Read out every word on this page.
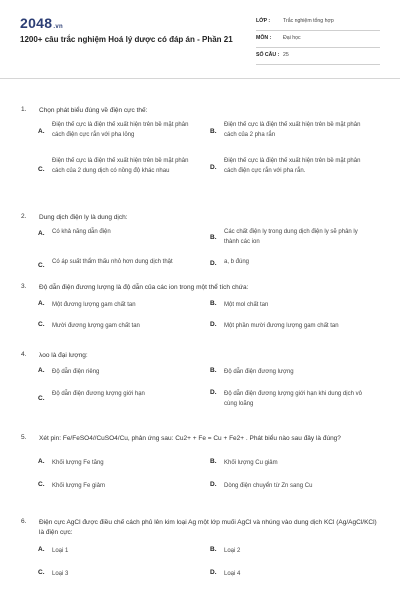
2048.vn
1200+ câu trắc nghiệm Hoá lý dược có đáp án - Phần 21
LỚP : Trắc nghiệm tổng hợp
MÔN : Đại học
SỐ CÂU : 25
1. Chọn phát biểu đúng về điện cực thế:
A.
Điện thế cực là điện thế xuất hiện trên bề mặt phân cách điện cực rắn với pha lỏng	B.
Điện thế cực là điện thế xuất hiện trên bề mặt phân cách của 2 pha rắn
C.
Điện thế cực là điện thế xuất hiện trên bề mặt phân cách của 2 dung dịch có nồng độ khác nhau	D.
Điện thế cực là điện thế xuất hiện trên bề mặt phân cách điện cực rắn với pha rắn.
2. Dung dịch điện ly là dung dịch:
A. Có khả năng dẫn điện
B.
Các chất điện ly trong dung dịch điện ly sẽ phân ly thành các ion
C. Có áp suất thẩm thấu nhỏ hơn dung dịch thật	D. a, b đúng
3. Độ dẫn điện đương lượng là độ dẫn của các ion trong một thể tích chứa:
A. Một đương lượng gam chất tan	B. Một mol chất tan
C. Mười đương lượng gam chất tan	D. Một phần mười đương lượng gam chất tan
4. λoo là đại lượng:
A. Độ dẫn điện riêng	B. Độ dẫn điện đương lượng
C.
Độ dẫn điện đương lượng giới hạn	D. Độ dẫn điện đương lượng giới hạn khi dung dịch vô cùng loãng
5. Xét pin: Fe/FeSO4//CuSO4/Cu, phản ứng sau: Cu2+ + Fe = Cu + Fe2+ . Phát biểu nào sau đây là đúng?
A. Khối lượng Fe tăng	B. Khối lượng Cu giảm
C. Khối lượng Fe giảm	D. Dòng điện chuyển từ Zn sang Cu
6. Điện cực AgCl được điều chế cách phủ lên kim loại Ag một lớp muối AgCl và nhúng vào dung dịch KCl (Ag/AgCl/KCl) là điện cực:
A. Loại 1	B. Loại 2
C. Loại 3	D. Loại 4
